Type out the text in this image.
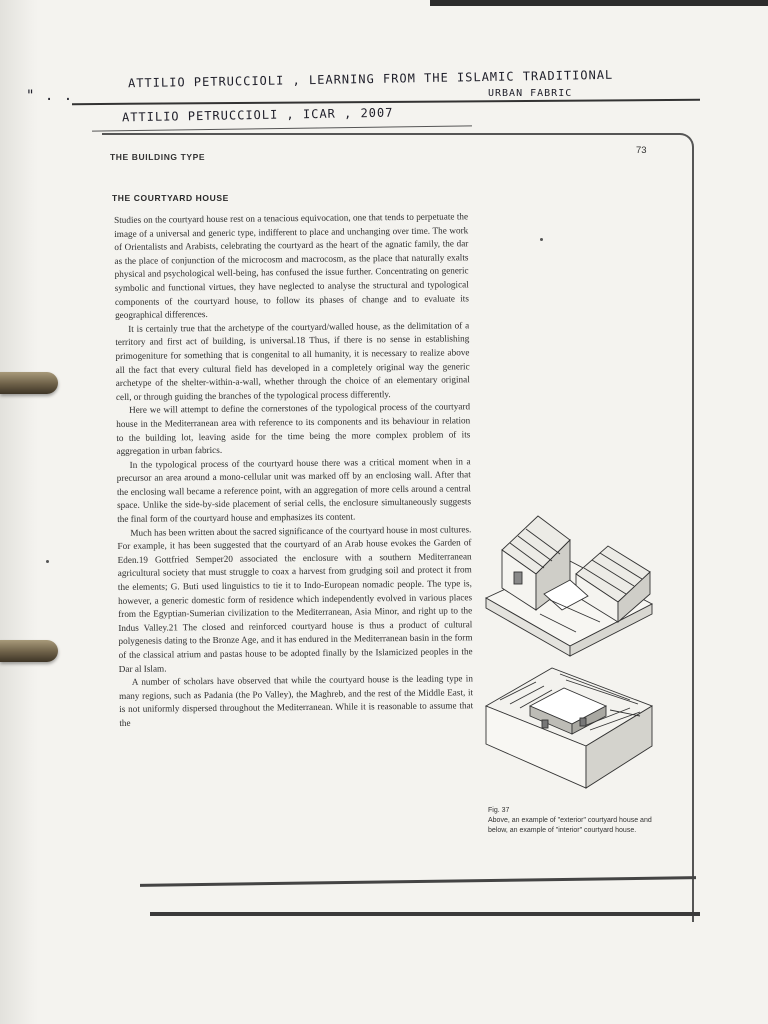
" . .
ATTILIO PETRUCCIOLI , LEARNING FROM THE ISLAMIC TRADITIONAL
URBAN FABRIC
ATTILIO PETRUCCIOLI , ICAR , 2007
THE BUILDING TYPE
73
THE COURTYARD HOUSE

Studies on the courtyard house rest on a tenacious equivocation, one that tends to perpetuate the image of a universal and generic type, indifferent to place and unchanging over time. The work of Orientalists and Arabists, celebrating the courtyard as the heart of the agnatic family, the dar as the place of conjunction of the microcosm and macrocosm, as the place that naturally exalts physical and psychological well-being, has confused the issue further. Concentrating on generic symbolic and functional virtues, they have neglected to analyse the structural and typological components of the courtyard house, to follow its phases of change and to evaluate its geographical differences.

It is certainly true that the archetype of the courtyard/walled house, as the delimitation of a territory and first act of building, is universal.18 Thus, if there is no sense in establishing primogeniture for something that is congenital to all humanity, it is necessary to realize above all the fact that every cultural field has developed in a completely original way the generic archetype of the shelter-within-a-wall, whether through the choice of an elementary original cell, or through guiding the branches of the typological process differently.

Here we will attempt to define the cornerstones of the typological process of the courtyard house in the Mediterranean area with reference to its components and its behaviour in relation to the building lot, leaving aside for the time being the more complex problem of its aggregation in urban fabrics.

In the typological process of the courtyard house there was a critical moment when in a precursor an area around a mono-cellular unit was marked off by an enclosing wall. After that the enclosing wall became a reference point, with an aggregation of more cells around a central space. Unlike the side-by-side placement of serial cells, the enclosure simultaneously suggests the final form of the courtyard house and emphasizes its content.

Much has been written about the sacred significance of the courtyard house in most cultures. For example, it has been suggested that the courtyard of an Arab house evokes the Garden of Eden.19 Gottfried Semper20 associated the enclosure with a southern Mediterranean agricultural society that must struggle to coax a harvest from grudging soil and protect it from the elements; G. Buti used linguistics to tie it to Indo-European nomadic people. The type is, however, a generic domestic form of residence which independently evolved in various places from the Egyptian-Sumerian civilization to the Mediterranean, Asia Minor, and right up to the Indus Valley.21 The closed and reinforced courtyard house is thus a product of cultural polygenesis dating to the Bronze Age, and it has endured in the Mediterranean basin in the form of the classical atrium and pastas house to be adopted finally by the Islamicized peoples in the Dar al Islam.

A number of scholars have observed that while the courtyard house is the leading type in many regions, such as Padania (the Po Valley), the Maghreb, and the rest of the Middle East, it is not uniformly dispersed throughout the Mediterranean. While it is reasonable to assume that the

Fig. 37
Above, an example of "exterior" courtyard house and below, an example of "interior" courtyard house.
